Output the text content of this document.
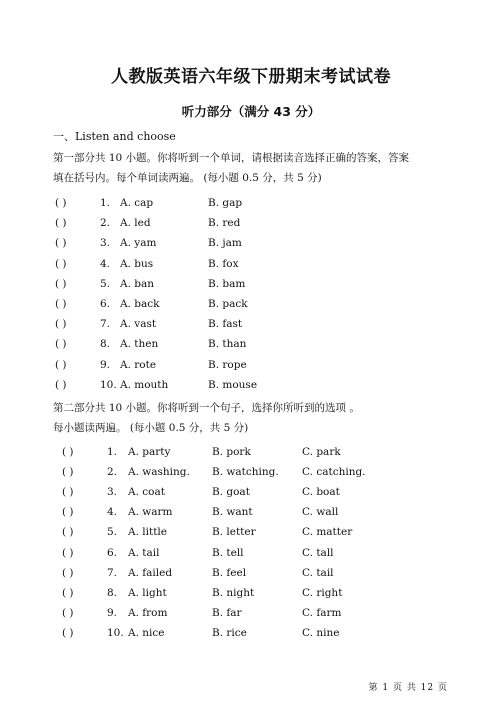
人教版英语六年级下册期末考试试卷
听力部分（满分 43 分）
一、Listen and choose
第一部分共 10 小题。你将听到一个单词，请根据读音选择正确的答案，答案
填在括号内。每个单词读两遍。 (每小题 0.5 分，共 5 分)
( )	1. A. cap	B. gap
( )	2. A. led	B. red
( )	3. A. yam	B. jam
( )	4. A. bus	B. fox
( )	5. A. ban	B. bam
( )	6. A. back	B. pack
( )	7. A. vast	B. fast
( )	8. A. then	B. than
( )	9. A. rote	B. rope
( )	10. A. mouth	B. mouse
第二部分共 10 小题。你将听到一个句子，选择你所听到的选项 。
每小题读两遍。 (每小题 0.5 分，共 5 分)
( )	1. A. party	B. pork	C. park
( )	2. A. washing. B. watching. C. catching.
( )	3. A. coat	B. goat	C. boat
( )	4. A. warm	B. want	C. wall
( )	5. A. little	B. letter	C. matter
( )	6. A. tail	B. tell	C. tall
( )	7. A. failed	B. feel	C. tail
( )	8. A. light	B. night	C. right
( )	9. A. from	B. far	C. farm
( )	10. A. nice	B. rice	C. nine
第 1 页 共 12 页
